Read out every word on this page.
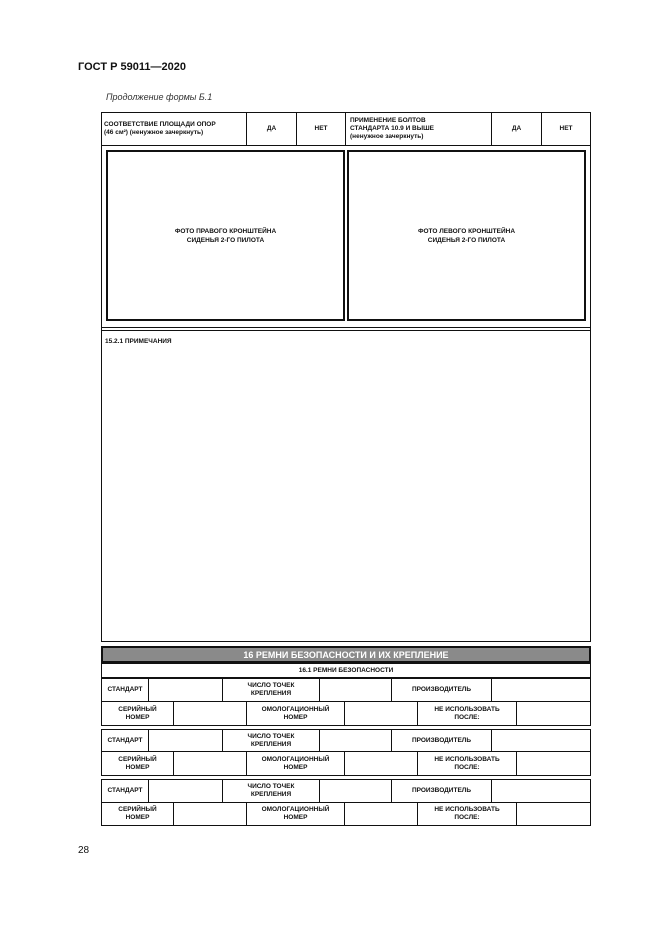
ГОСТ Р 59011—2020
Продолжение формы Б.1
СООТВЕТСТВИЕ ПЛОЩАДИ ОПОР
(46 см²) (ненужное зачеркнуть)
ДА	НЕТ
ПРИМЕНЕНИЕ БОЛТОВ
СТАНДАРТА 10.9 И ВЫШЕ
(ненужное зачеркнуть)
ДА	НЕТ
ФОТО ПРАВОГО КРОНШТЕЙНА
СИДЕНЬЯ 2-ГО ПИЛОТА
ФОТО ЛЕВОГО КРОНШТЕЙНА
СИДЕНЬЯ 2-ГО ПИЛОТА
15.2.1 ПРИМЕЧАНИЯ
16 РЕМНИ БЕЗОПАСНОСТИ И ИХ КРЕПЛЕНИЕ
16.1 РЕМНИ БЕЗОПАСНОСТИ
СТАНДАРТ
ЧИСЛО ТОЧЕК
КРЕПЛЕНИЯ
ПРОИЗВОДИТЕЛЬ
СЕРИЙНЫЙ
НОМЕР
ОМОЛОГАЦИОННЫЙ
НОМЕР
НЕ ИСПОЛЬЗОВАТЬ
ПОСЛЕ:
СТАНДАРТ
ЧИСЛО ТОЧЕК
КРЕПЛЕНИЯ
ПРОИЗВОДИТЕЛЬ
СЕРИЙНЫЙ
НОМЕР
ОМОЛОГАЦИОННЫЙ
НОМЕР
НЕ ИСПОЛЬЗОВАТЬ
ПОСЛЕ:
СТАНДАРТ
ЧИСЛО ТОЧЕК
КРЕПЛЕНИЯ
ПРОИЗВОДИТЕЛЬ
СЕРИЙНЫЙ
НОМЕР
ОМОЛОГАЦИОННЫЙ
НОМЕР
НЕ ИСПОЛЬЗОВАТЬ
ПОСЛЕ:
28
